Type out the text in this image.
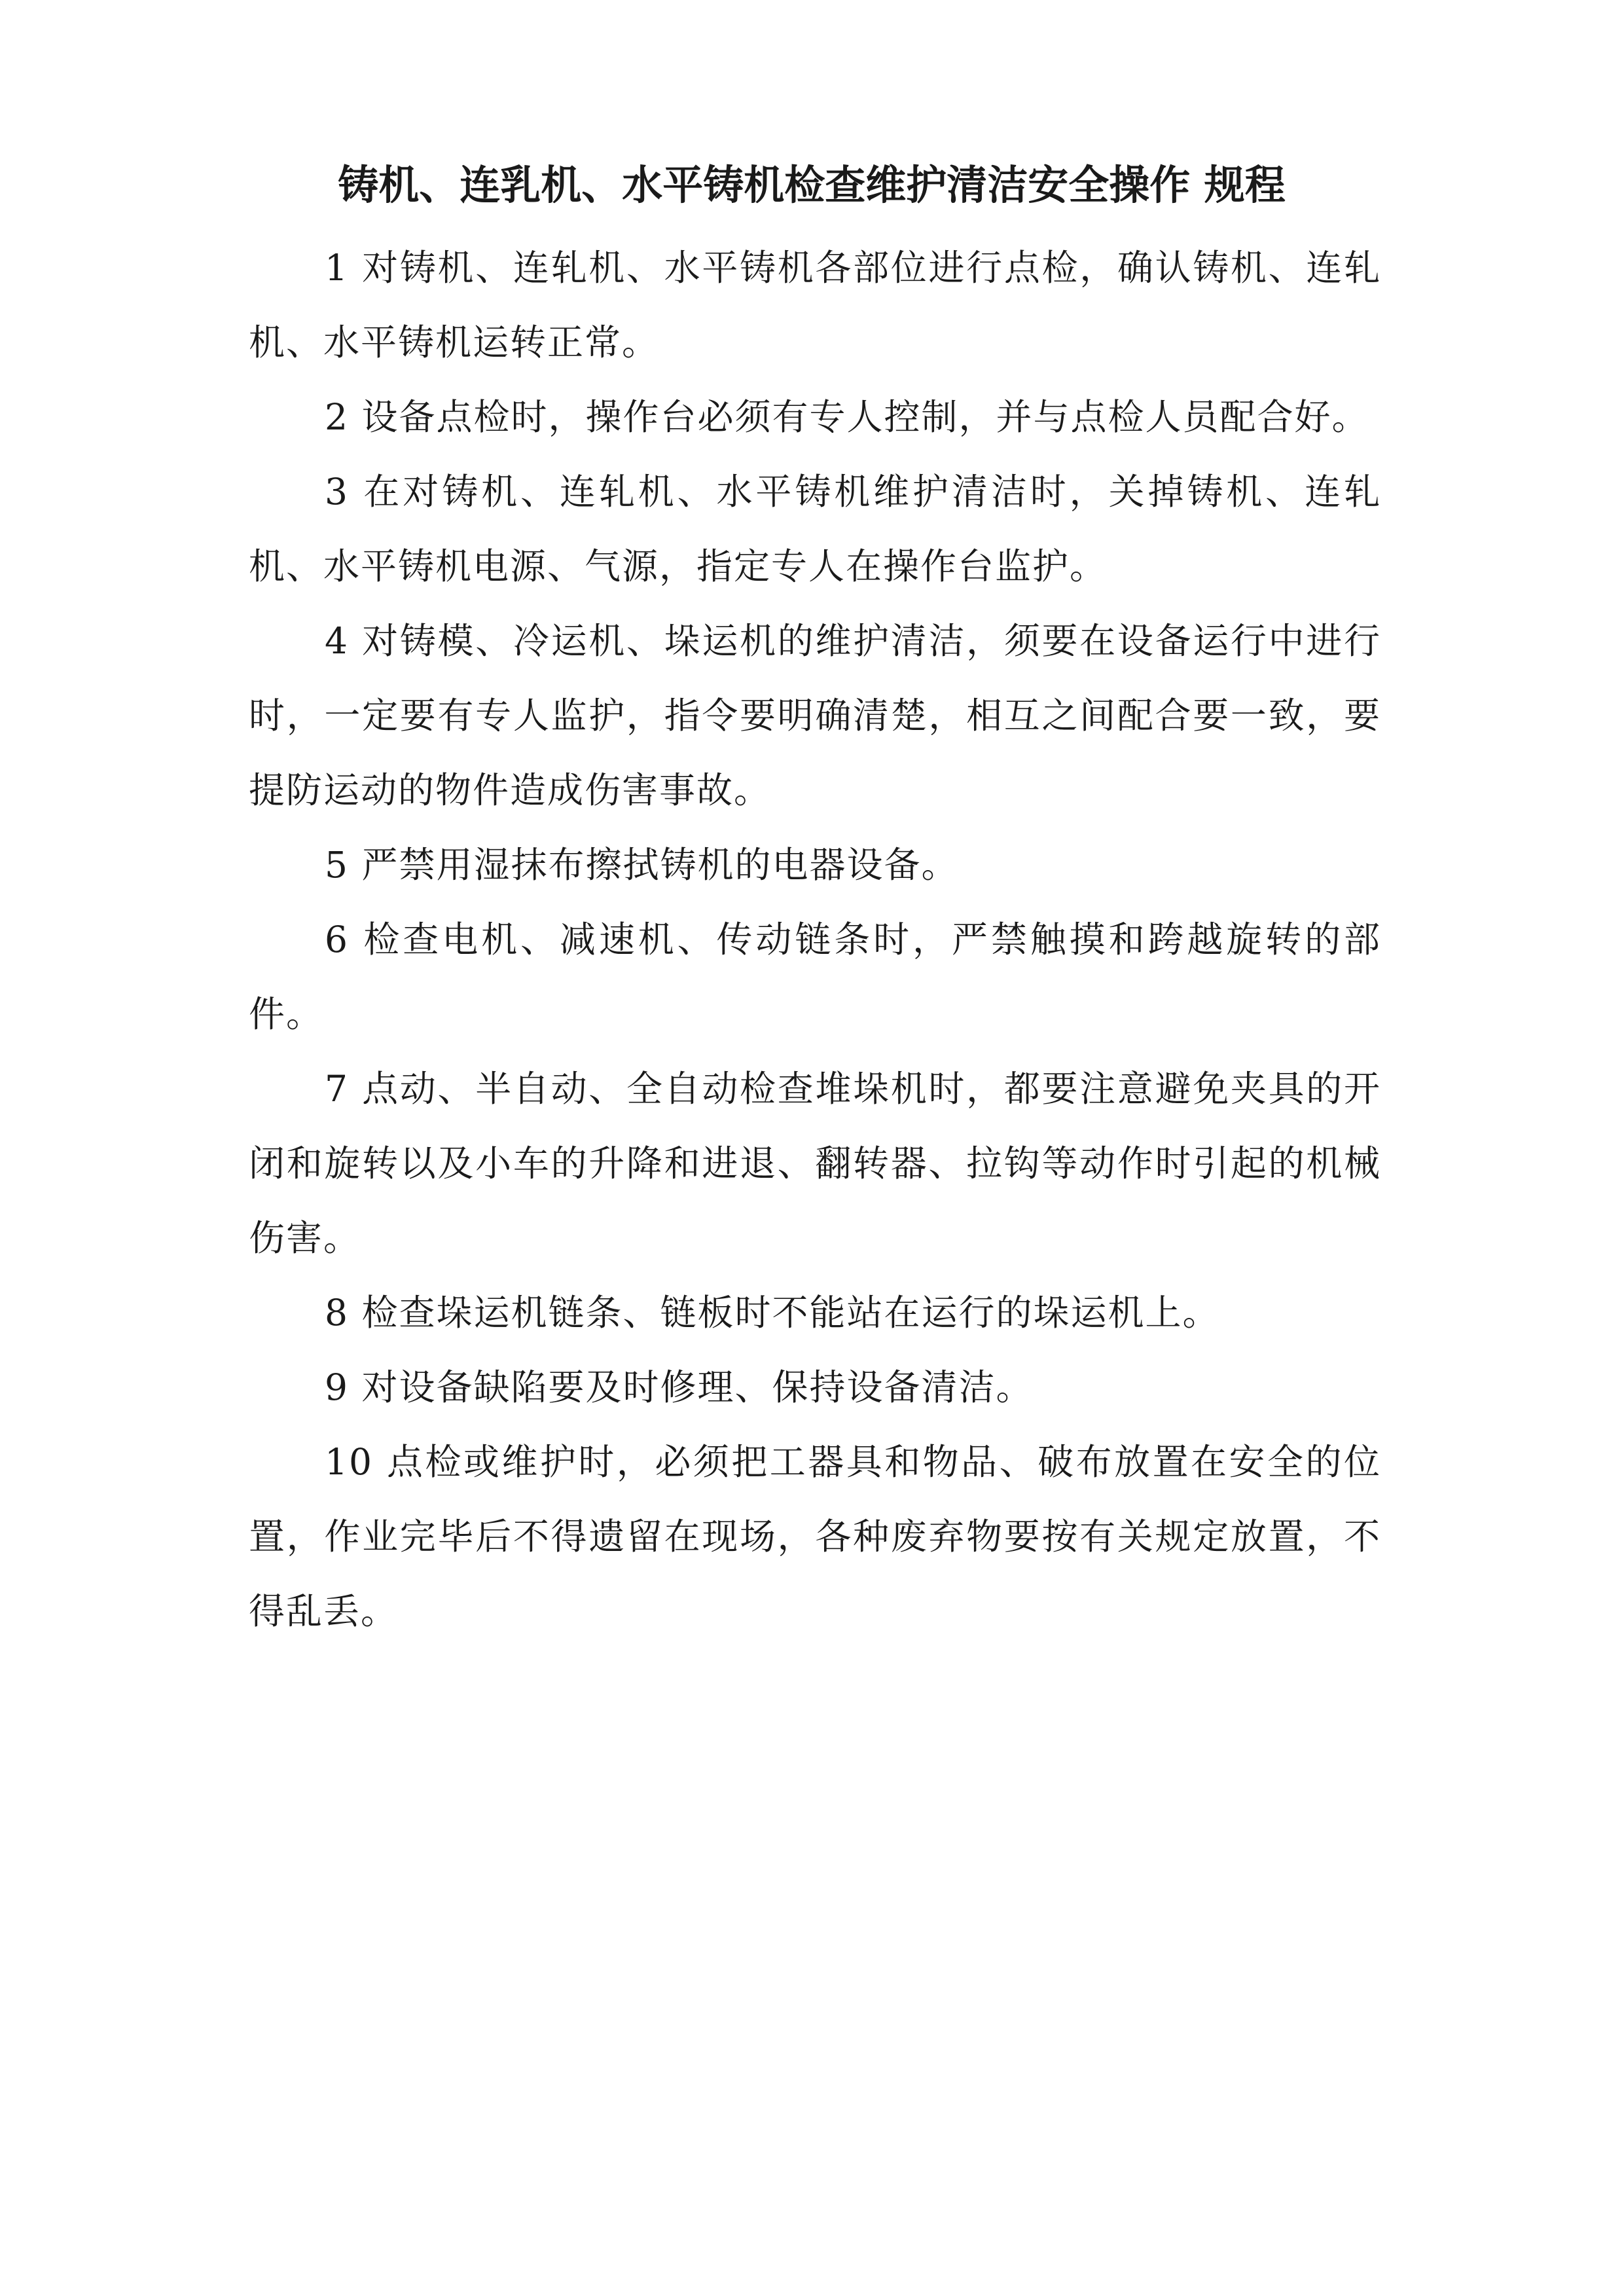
铸机、连乳机、水平铸机检查维护清洁安全操作 规程

1 对铸机、连轧机、水平铸机各部位进行点检，确认铸机、连轧机、水平铸机运转正常。

2 设备点检时，操作台必须有专人控制，并与点检人员配合好。

3 在对铸机、连轧机、水平铸机维护清洁时，关掉铸机、连轧机、水平铸机电源、气源，指定专人在操作台监护。

4 对铸模、冷运机、垛运机的维护清洁，须要在设备运行中进行时，一定要有专人监护，指令要明确清楚，相互之间配合要一致，要提防运动的物件造成伤害事故。

5 严禁用湿抹布擦拭铸机的电器设备。

6 检查电机、减速机、传动链条时，严禁触摸和跨越旋转的部件。

7 点动、半自动、全自动检查堆垛机时，都要注意避免夹具的开闭和旋转以及小车的升降和进退、翻转器、拉钩等动作时引起的机械伤害。

8 检查垛运机链条、链板时不能站在运行的垛运机上。

9 对设备缺陷要及时修理、保持设备清洁。

10 点检或维护时，必须把工器具和物品、破布放置在安全的位置，作业完毕后不得遗留在现场，各种废弃物要按有关规定放置，不得乱丢。
